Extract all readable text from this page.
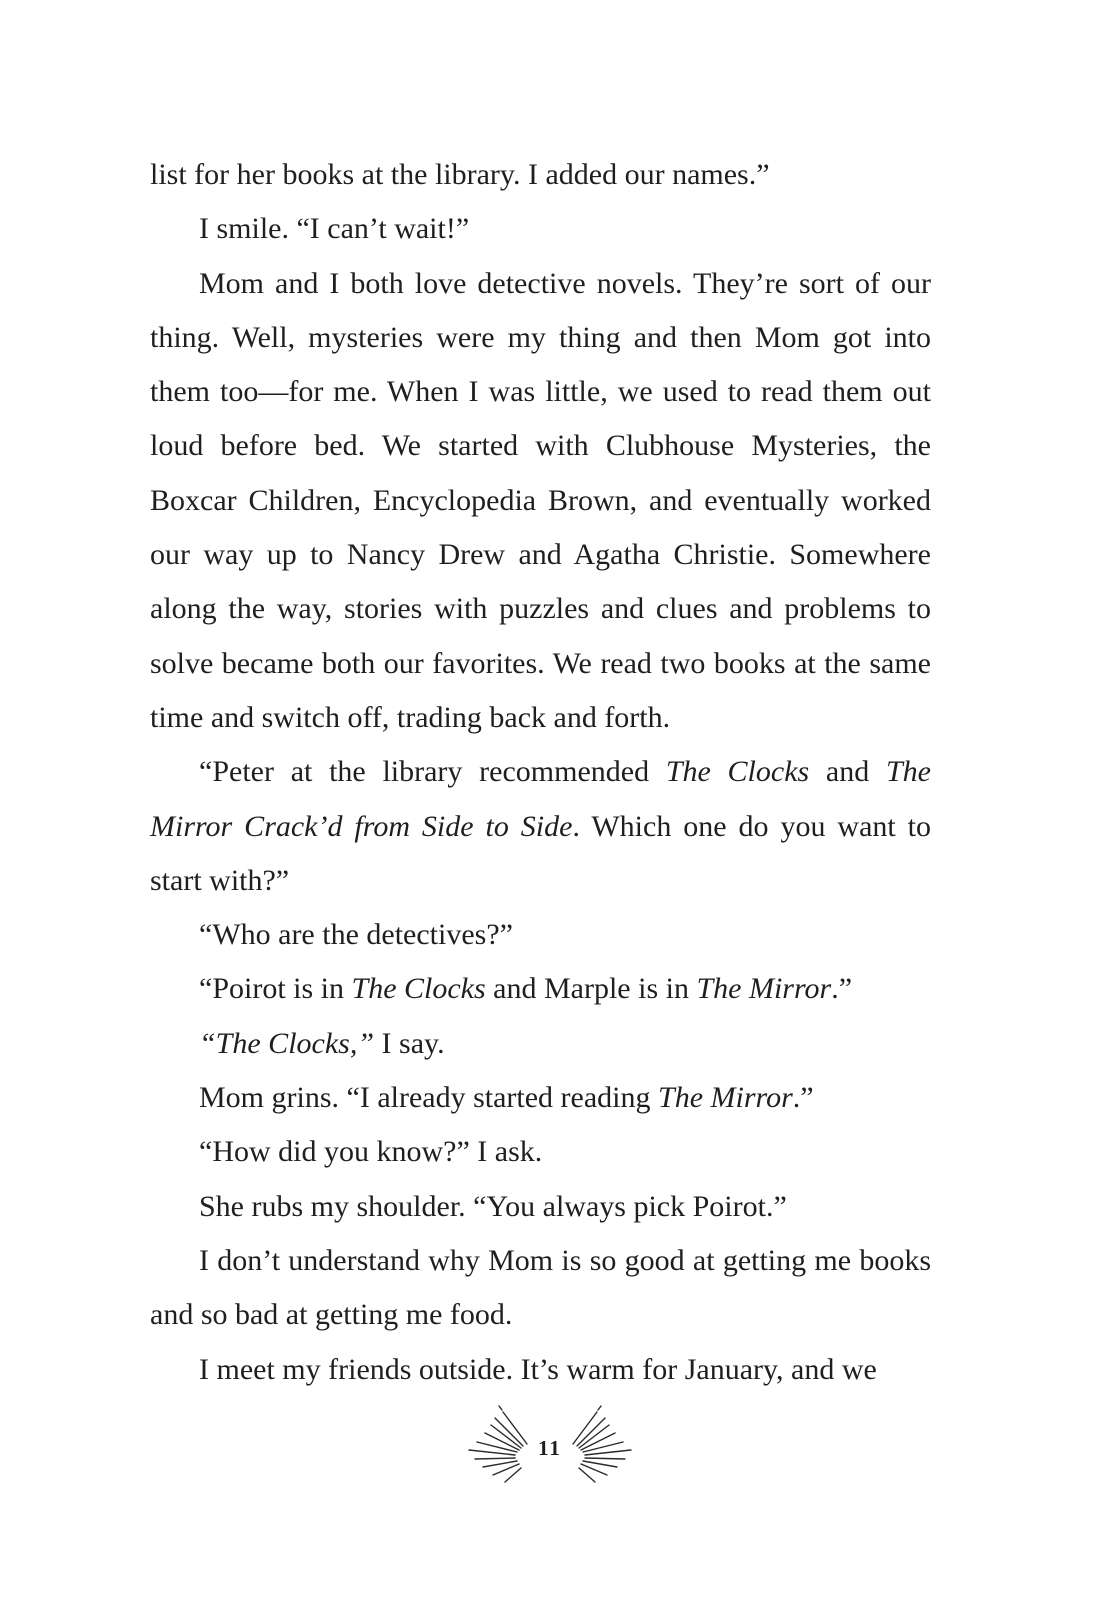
list for her books at the library. I added our names.”

I smile. “I can’t wait!”

Mom and I both love detective novels. They’re sort of our thing. Well, mysteries were my thing and then Mom got into them too—for me. When I was little, we used to read them out loud before bed. We started with Clubhouse Mysteries, the Boxcar Children, Encyclopedia Brown, and eventually worked our way up to Nancy Drew and Agatha Christie. Somewhere along the way, stories with puzzles and clues and problems to solve became both our favorites. We read two books at the same time and switch off, trading back and forth.

“Peter at the library recommended The Clocks and The Mirror Crack’d from Side to Side. Which one do you want to start with?”

“Who are the detectives?”

“Poirot is in The Clocks and Marple is in The Mirror.”

“The Clocks,” I say.

Mom grins. “I already started reading The Mirror.”

“How did you know?” I ask.

She rubs my shoulder. “You always pick Poirot.”

I don’t understand why Mom is so good at getting me books and so bad at getting me food.

I meet my friends outside. It’s warm for January, and we

11
